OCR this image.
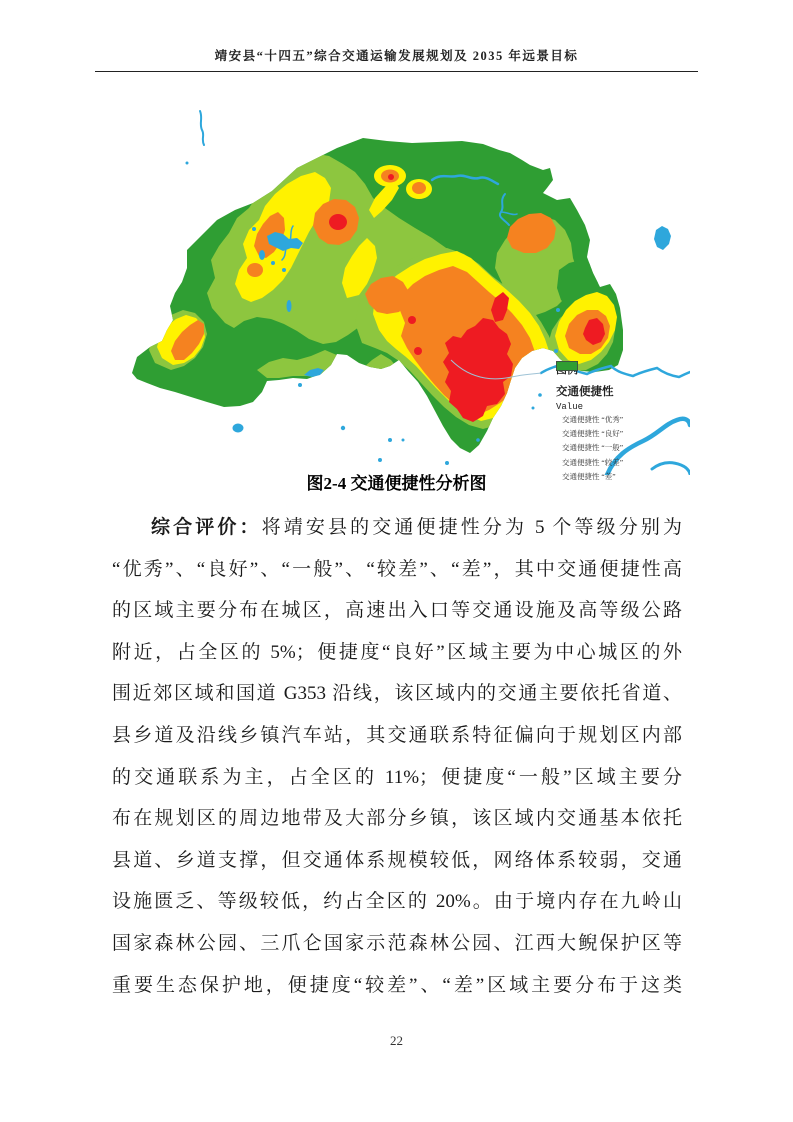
靖安县“十四五”综合交通运输发展规划及 2035 年远景目标
交通便捷性
Value
交通便捷性 “优秀”
交通便捷性 “良好”
交通便捷性 “一般”
交通便捷性 “较差”
交通便捷性 “差”
图2-4 交通便捷性分析图
综合评价：将靖安县的交通便捷性分为 5 个等级分别为
“优秀”、“良好”、“一般”、“较差”、“差”，其中交通便捷性高
的区域主要分布在城区，高速出入口等交通设施及高等级公路
附近，占全区的 5%；便捷度“良好”区域主要为中心城区的外
围近郊区域和国道 G353 沿线，该区域内的交通主要依托省道、
县乡道及沿线乡镇汽车站，其交通联系特征偏向于规划区内部
的交通联系为主，占全区的 11%；便捷度“一般”区域主要分
布在规划区的周边地带及大部分乡镇，该区域内交通基本依托
县道、乡道支撑，但交通体系规模较低，网络体系较弱，交通
设施匮乏、等级较低，约占全区的 20%。由于境内存在九岭山
国家森林公园、三爪仑国家示范森林公园、江西大鲵保护区等
重要生态保护地，便捷度“较差”、“差”区域主要分布于这类
22
